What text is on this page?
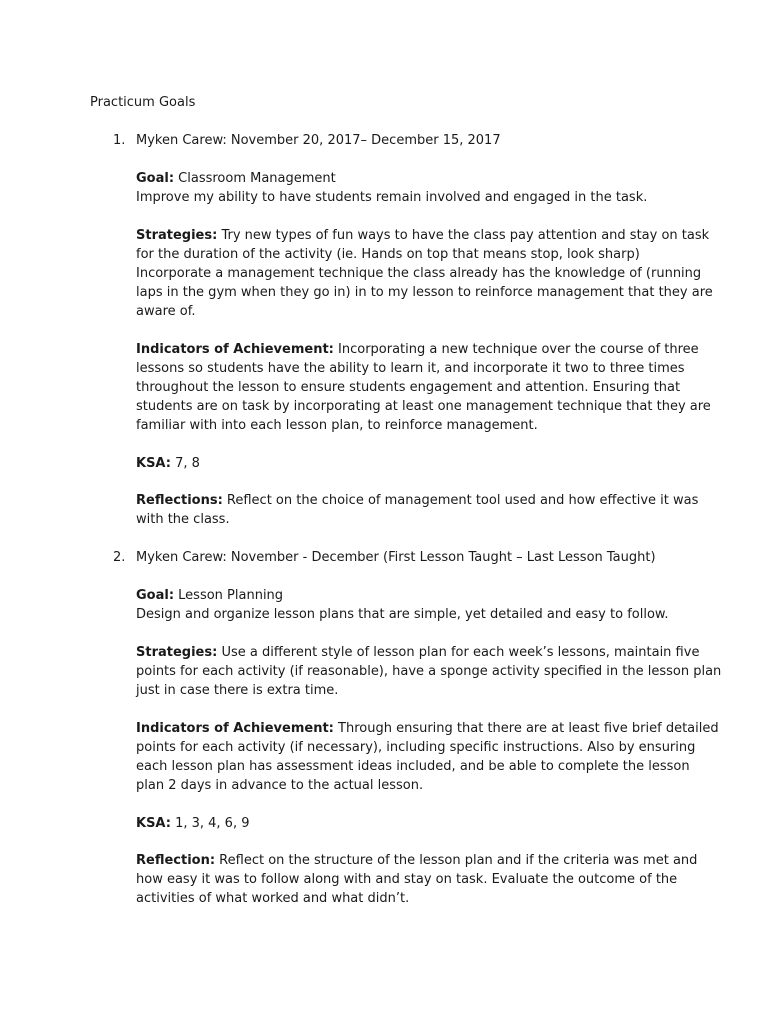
Practicum Goals
1. Myken Carew: November 20, 2017– December 15, 2017
Goal: Classroom Management
Improve my ability to have students remain involved and engaged in the task.
Strategies: Try new types of fun ways to have the class pay attention and stay on task
for the duration of the activity (ie. Hands on top that means stop, look sharp)
Incorporate a management technique the class already has the knowledge of (running
laps in the gym when they go in) in to my lesson to reinforce management that they are
aware of.
Indicators of Achievement: Incorporating a new technique over the course of three
lessons so students have the ability to learn it, and incorporate it two to three times
throughout the lesson to ensure students engagement and attention. Ensuring that
students are on task by incorporating at least one management technique that they are
familiar with into each lesson plan, to reinforce management.
KSA: 7, 8
Reflections: Reflect on the choice of management tool used and how effective it was
with the class.
2. Myken Carew: November - December (First Lesson Taught – Last Lesson Taught)
Goal: Lesson Planning
Design and organize lesson plans that are simple, yet detailed and easy to follow.
Strategies: Use a different style of lesson plan for each week’s lessons, maintain five
points for each activity (if reasonable), have a sponge activity specified in the lesson plan
just in case there is extra time.
Indicators of Achievement: Through ensuring that there are at least five brief detailed
points for each activity (if necessary), including specific instructions. Also by ensuring
each lesson plan has assessment ideas included, and be able to complete the lesson
plan 2 days in advance to the actual lesson.
KSA: 1, 3, 4, 6, 9
Reflection: Reflect on the structure of the lesson plan and if the criteria was met and
how easy it was to follow along with and stay on task. Evaluate the outcome of the
activities of what worked and what didn’t.
